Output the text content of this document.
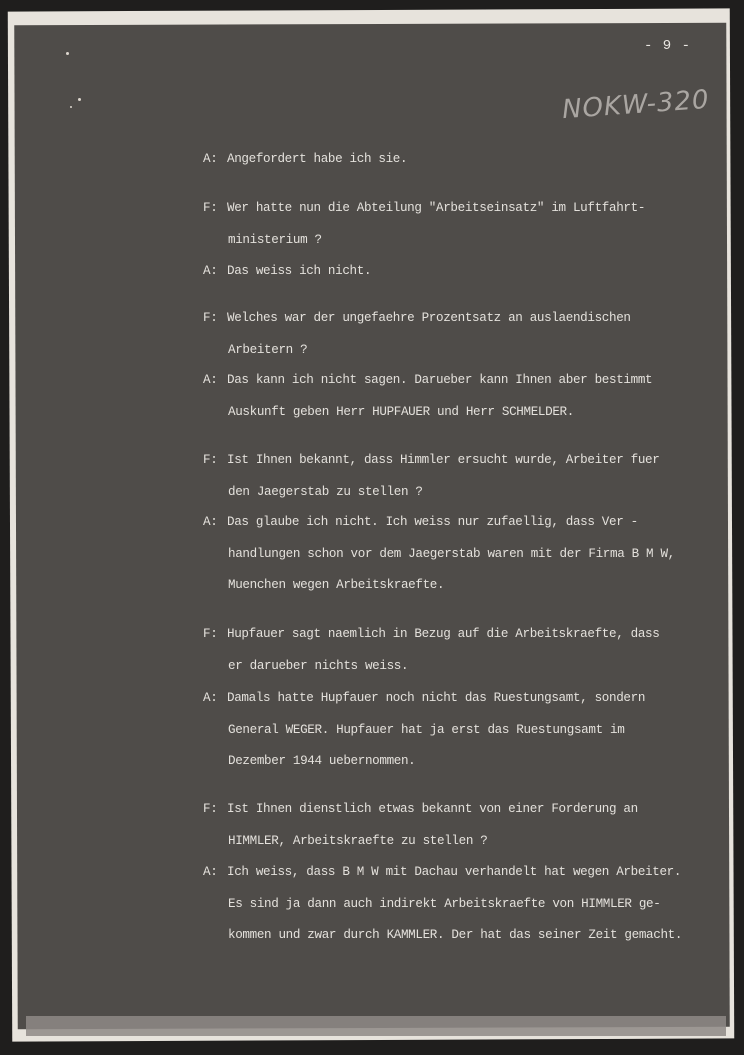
- 9 -
NOKW-320
A: Angefordert habe ich sie.
F: Wer hatte nun die Abteilung "Arbeitseinsatz" im Luftfahrt-
ministerium ?
A: Das weiss ich nicht.
F: Welches war der ungefaehre Prozentsatz an auslaendischen
Arbeitern ?
A: Das kann ich nicht sagen. Darueber kann Ihnen aber bestimmt
Auskunft geben Herr HUPFAUER und Herr SCHMELDER.
F: Ist Ihnen bekannt, dass Himmler ersucht wurde, Arbeiter fuer
den Jaegerstab zu stellen ?
A: Das glaube ich nicht. Ich weiss nur zufaellig, dass Ver -
handlungen schon vor dem Jaegerstab waren mit der Firma B M W,
Muenchen wegen Arbeitskraefte.
F: Hupfauer sagt naemlich in Bezug auf die Arbeitskraefte, dass
er darueber nichts weiss.
A: Damals hatte Hupfauer noch nicht das Ruestungsamt, sondern
General WEGER. Hupfauer hat ja erst das Ruestungsamt im
Dezember 1944 uebernommen.
F: Ist Ihnen dienstlich etwas bekannt von einer Forderung an
HIMMLER, Arbeitskraefte zu stellen ?
A: Ich weiss, dass B M W mit Dachau verhandelt hat wegen Arbeiter.
Es sind ja dann auch indirekt Arbeitskraefte von HIMMLER ge-
kommen und zwar durch KAMMLER. Der hat das seiner Zeit gemacht.
